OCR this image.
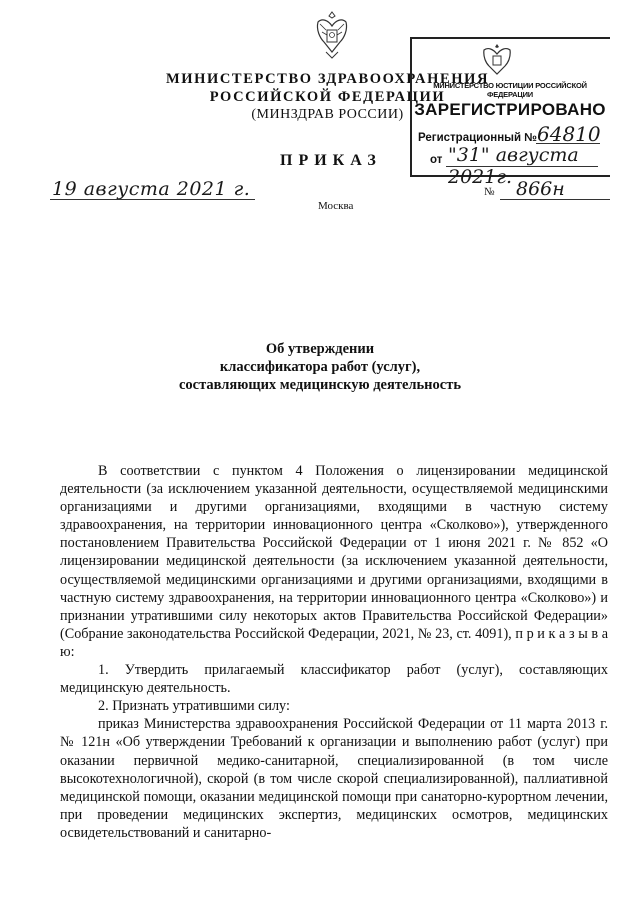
МИНИСТЕРСТВО ЗДРАВООХРАНЕНИЯ
РОССИЙСКОЙ ФЕДЕРАЦИИ
(МИНЗДРАВ РОССИИ)
ПРИКАЗ
19 августа 2021 г.
Москва
№ 866н
МИНИСТЕРСТВО ЮСТИЦИИ РОССИЙСКОЙ ФЕДЕРАЦИИ
ЗАРЕГИСТРИРОВАНО
Регистрационный № 64810
от "31" августа 2021г.
Об утверждении
классификатора работ (услуг),
составляющих медицинскую деятельность

В соответствии с пунктом 4 Положения о лицензировании медицинской деятельности (за исключением указанной деятельности, осуществляемой медицинскими организациями и другими организациями, входящими в частную систему здравоохранения, на территории инновационного центра «Сколково»), утвержденного постановлением Правительства Российской Федерации от 1 июня 2021 г. № 852 «О лицензировании медицинской деятельности (за исключением указанной деятельности, осуществляемой медицинскими организациями и другими организациями, входящими в частную систему здравоохранения, на территории инновационного центра «Сколково») и признании утратившими силу некоторых актов Правительства Российской Федерации» (Собрание законодательства Российской Федерации, 2021, № 23, ст. 4091), п р и к а з ы в а ю:

1. Утвердить прилагаемый классификатор работ (услуг), составляющих медицинскую деятельность.

2. Признать утратившими силу:

приказ Министерства здравоохранения Российской Федерации от 11 марта 2013 г. № 121н «Об утверждении Требований к организации и выполнению работ (услуг) при оказании первичной медико-санитарной, специализированной (в том числе высокотехнологичной), скорой (в том числе скорой специализированной), паллиативной медицинской помощи, оказании медицинской помощи при санаторно-курортном лечении, при проведении медицинских экспертиз, медицинских осмотров, медицинских освидетельствований и санитарно-
